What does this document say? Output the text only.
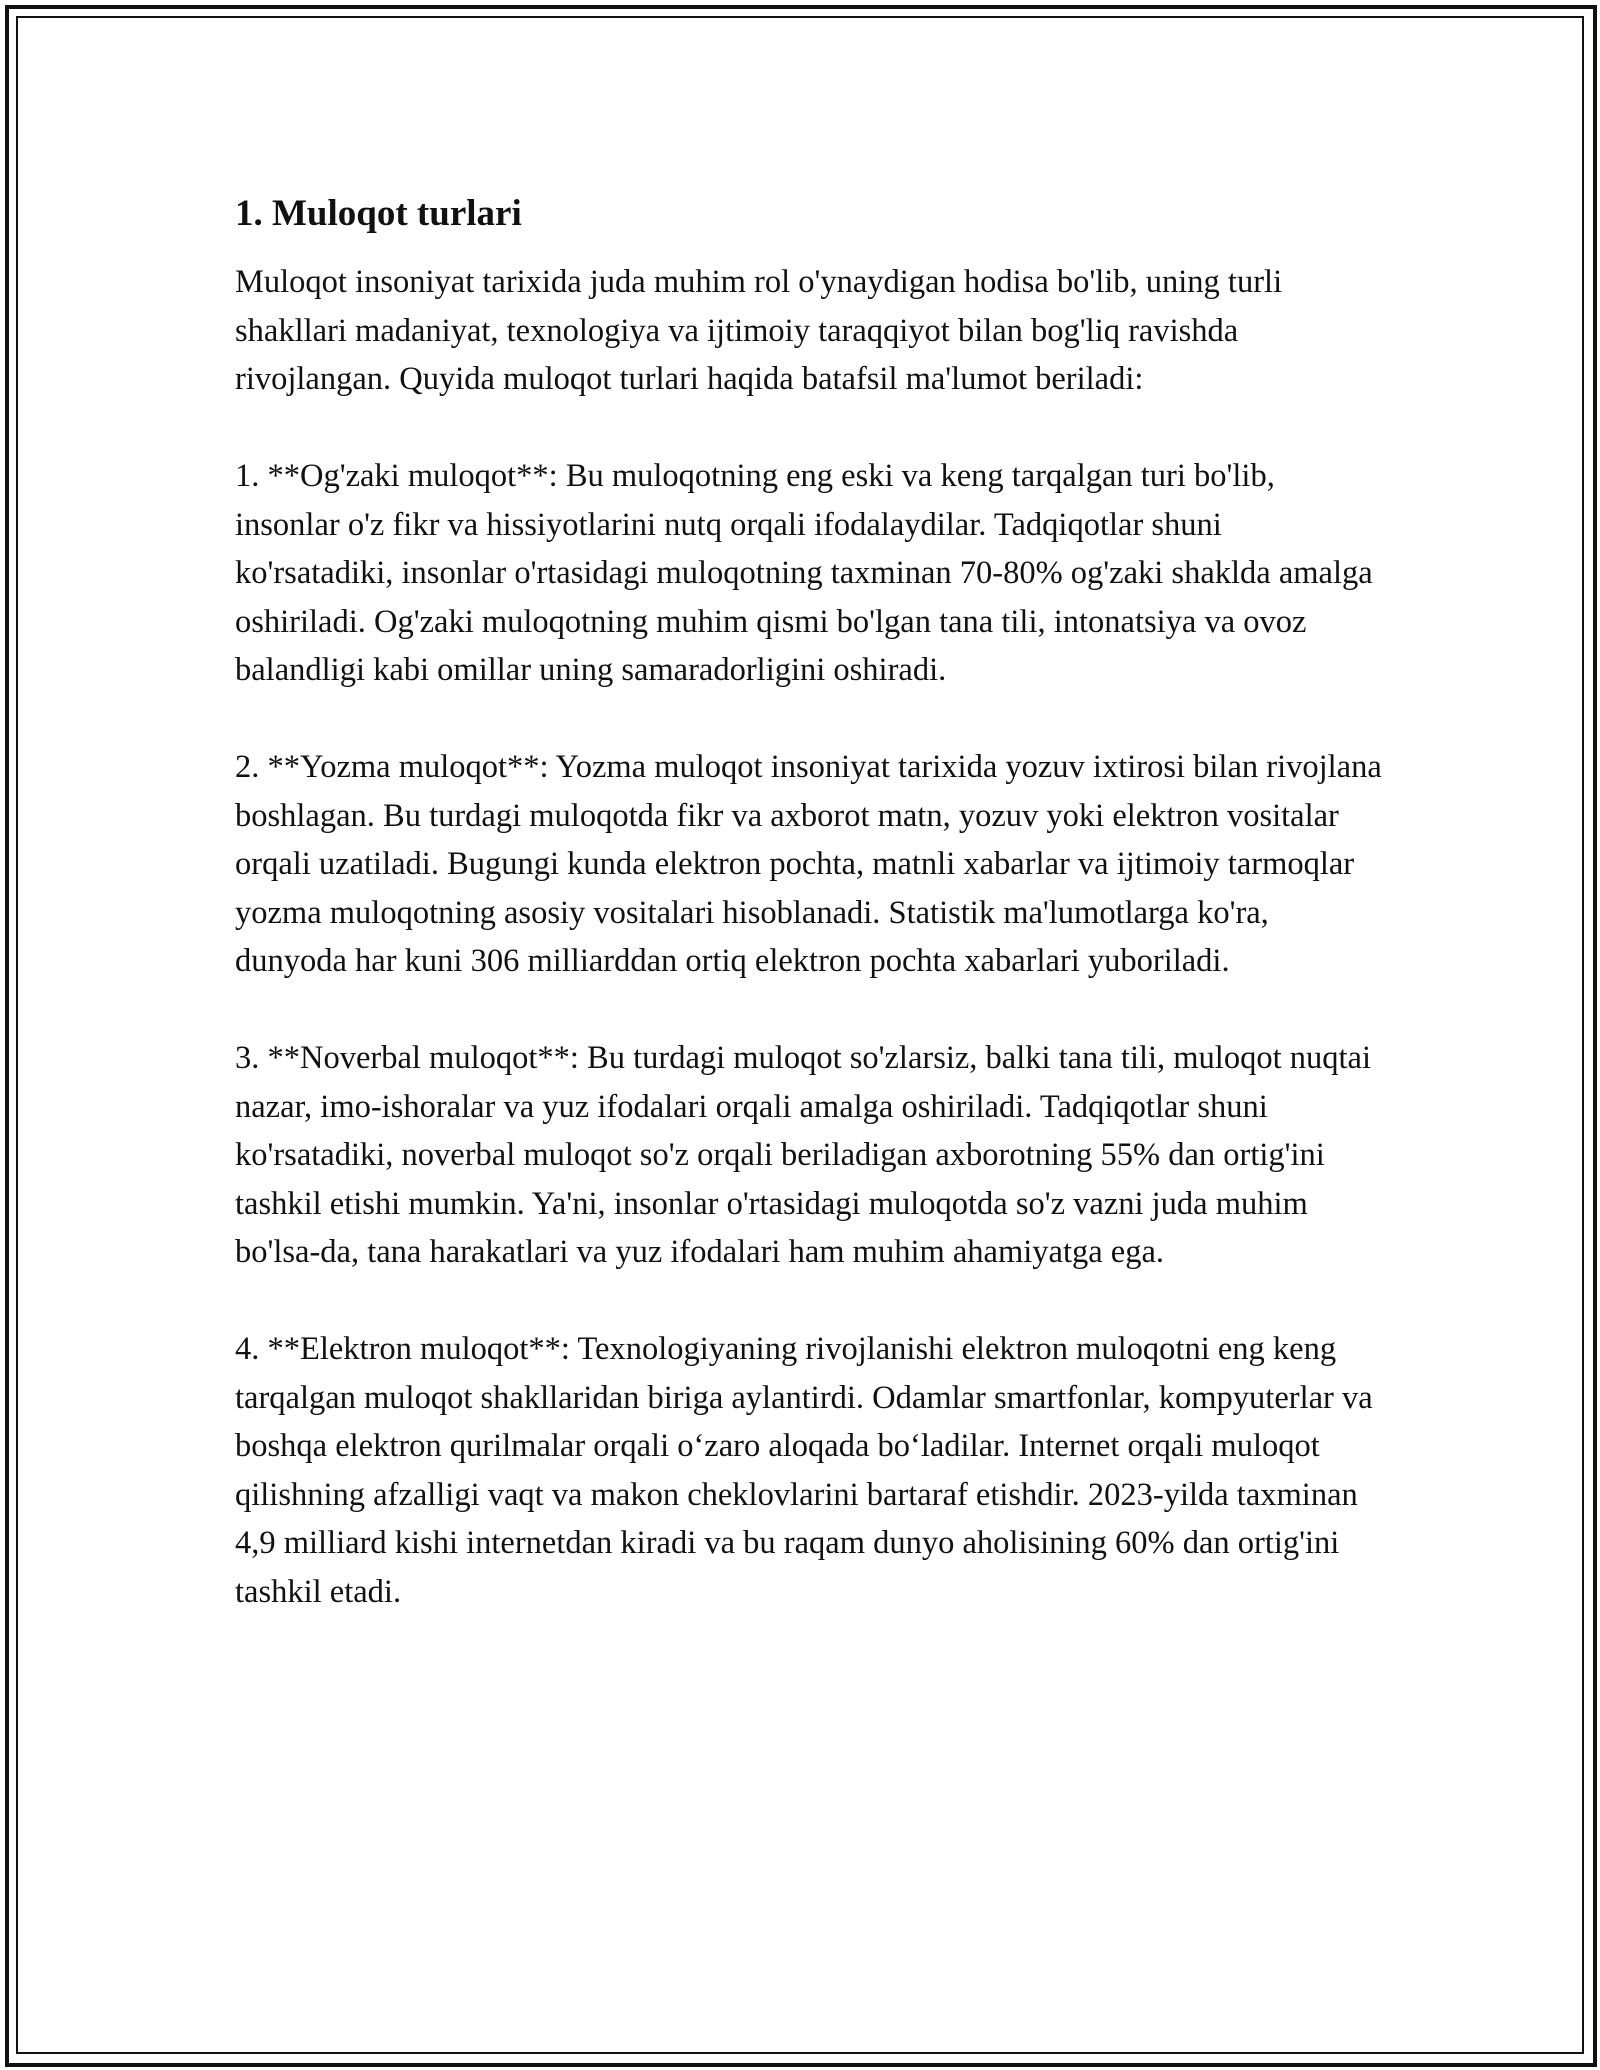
1. Muloqot turlari

Muloqot insoniyat tarixida juda muhim rol o'ynaydigan hodisa bo'lib, uning turli shakllari madaniyat, texnologiya va ijtimoiy taraqqiyot bilan bog'liq ravishda rivojlangan. Quyida muloqot turlari haqida batafsil ma'lumot beriladi:

1. **Og'zaki muloqot**: Bu muloqotning eng eski va keng tarqalgan turi bo'lib, insonlar o'z fikr va hissiyotlarini nutq orqali ifodalaydilar. Tadqiqotlar shuni ko'rsatadiki, insonlar o'rtasidagi muloqotning taxminan 70-80% og'zaki shaklda amalga oshiriladi. Og'zaki muloqotning muhim qismi bo'lgan tana tili, intonatsiya va ovoz balandligi kabi omillar uning samaradorligini oshiradi.

2. **Yozma muloqot**: Yozma muloqot insoniyat tarixida yozuv ixtirosi bilan rivojlana boshlagan. Bu turdagi muloqotda fikr va axborot matn, yozuv yoki elektron vositalar orqali uzatiladi. Bugungi kunda elektron pochta, matnli xabarlar va ijtimoiy tarmoqlar yozma muloqotning asosiy vositalari hisoblanadi. Statistik ma'lumotlarga ko'ra, dunyoda har kuni 306 milliarddan ortiq elektron pochta xabarlari yuboriladi.

3. **Noverbal muloqot**: Bu turdagi muloqot so'zlarsiz, balki tana tili, muloqot nuqtai nazar, imo-ishoralar va yuz ifodalari orqali amalga oshiriladi. Tadqiqotlar shuni ko'rsatadiki, noverbal muloqot so'z orqali beriladigan axborotning 55% dan ortig'ini tashkil etishi mumkin. Ya'ni, insonlar o'rtasidagi muloqotda so'z vazni juda muhim bo'lsa-da, tana harakatlari va yuz ifodalari ham muhim ahamiyatga ega.

4. **Elektron muloqot**: Texnologiyaning rivojlanishi elektron muloqotni eng keng tarqalgan muloqot shakllaridan biriga aylantirdi. Odamlar smartfonlar, kompyuterlar va boshqa elektron qurilmalar orqali o‘zaro aloqada bo‘ladilar. Internet orqali muloqot qilishning afzalligi vaqt va makon cheklovlarini bartaraf etishdir. 2023-yilda taxminan 4,9 milliard kishi internetdan kiradi va bu raqam dunyo aholisining 60% dan ortig'ini tashkil etadi.
